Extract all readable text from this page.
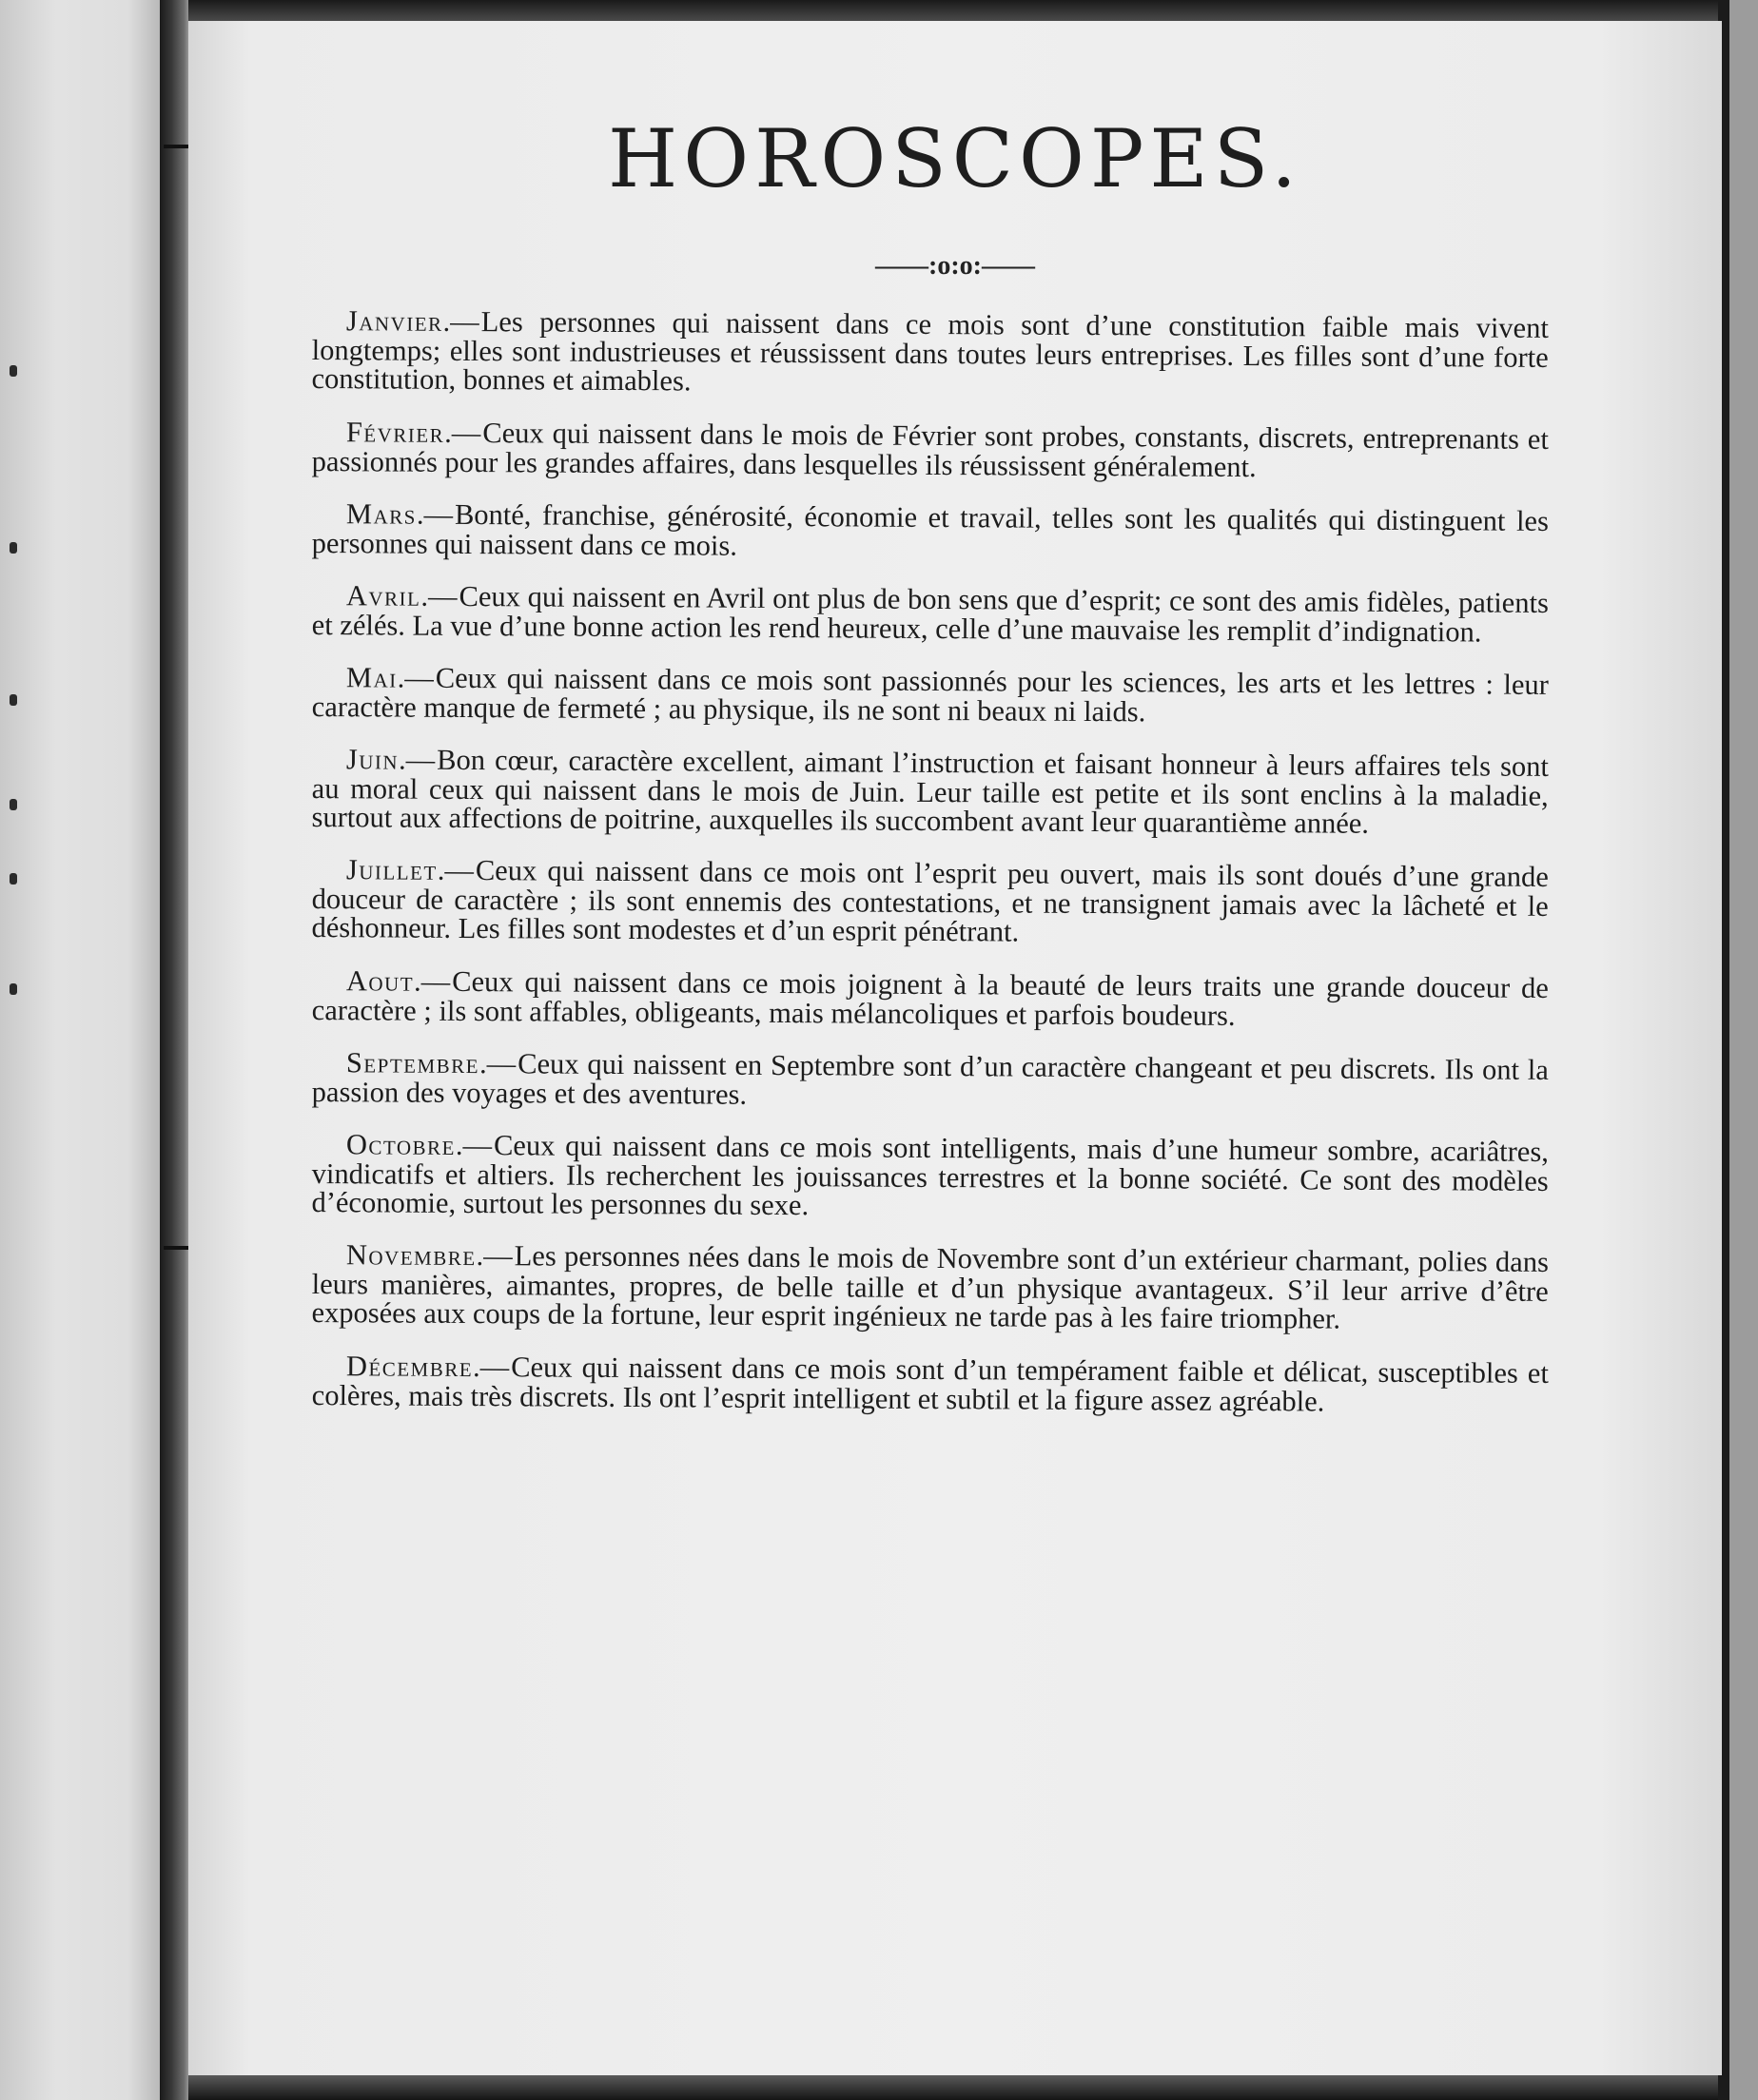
HOROSCOPES.
——:o:o:——

Janvier.—Les personnes qui naissent dans ce mois sont d’une constitution faible mais vivent longtemps; elles sont industrieuses et réussissent dans toutes leurs entreprises. Les filles sont d’une forte constitution, bonnes et aimables.

Février.—Ceux qui naissent dans le mois de Février sont probes, constants, discrets, entreprenants et passionnés pour les grandes affaires, dans lesquelles ils réussissent généralement.

Mars.—Bonté, franchise, générosité, économie et travail, telles sont les qualités qui distinguent les personnes qui naissent dans ce mois.

Avril.—Ceux qui naissent en Avril ont plus de bon sens que d’esprit; ce sont des amis fidèles, patients et zélés. La vue d’une bonne action les rend heureux, celle d’une mauvaise les remplit d’indignation.

Mai.—Ceux qui naissent dans ce mois sont passionnés pour les sciences, les arts et les lettres : leur caractère manque de fermeté ; au physique, ils ne sont ni beaux ni laids.

Juin.—Bon cœur, caractère excellent, aimant l’instruction et faisant honneur à leurs affaires tels sont au moral ceux qui naissent dans le mois de Juin. Leur taille est petite et ils sont enclins à la maladie, surtout aux affections de poitrine, auxquelles ils succombent avant leur quarantième année.

Juillet.—Ceux qui naissent dans ce mois ont l’esprit peu ouvert, mais ils sont doués d’une grande douceur de caractère ; ils sont ennemis des contestations, et ne transignent jamais avec la lâcheté et le déshonneur. Les filles sont modestes et d’un esprit pénétrant.

Aout.—Ceux qui naissent dans ce mois joignent à la beauté de leurs traits une grande douceur de caractère ; ils sont affables, obligeants, mais mélancoliques et parfois boudeurs.

Septembre.—Ceux qui naissent en Septembre sont d’un caractère changeant et peu discrets. Ils ont la passion des voyages et des aventures.

Octobre.—Ceux qui naissent dans ce mois sont intelligents, mais d’une humeur sombre, acariâtres, vindicatifs et altiers. Ils recherchent les jouissances terrestres et la bonne société. Ce sont des modèles d’économie, surtout les personnes du sexe.

Novembre.—Les personnes nées dans le mois de Novembre sont d’un extérieur charmant, polies dans leurs manières, aimantes, propres, de belle taille et d’un physique avantageux. S’il leur arrive d’être exposées aux coups de la fortune, leur esprit ingénieux ne tarde pas à les faire triompher.

Décembre.—Ceux qui naissent dans ce mois sont d’un tempérament faible et délicat, susceptibles et colères, mais très discrets. Ils ont l’esprit intelligent et subtil et la figure assez agréable.
